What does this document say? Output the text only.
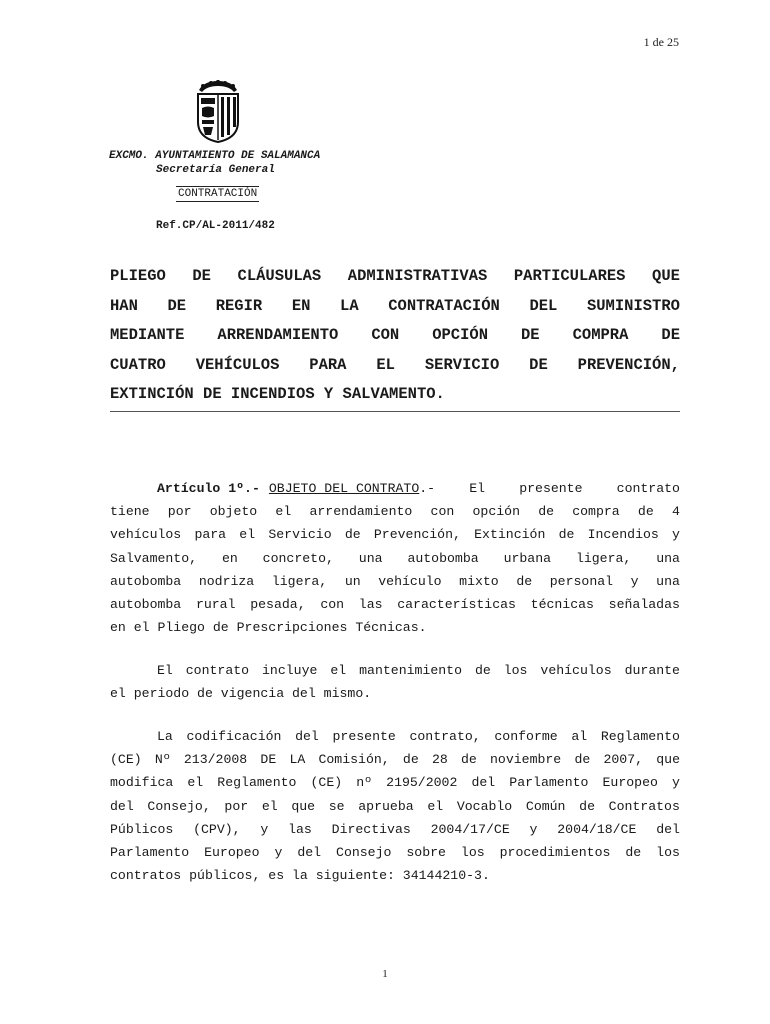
1 de 25
EXCMO. AYUNTAMIENTO DE SALAMANCA
Secretaría General
CONTRATACIÓN
Ref.CP/AL-2011/482
PLIEGO DE CLÁUSULAS ADMINISTRATIVAS PARTICULARES QUE
HAN DE REGIR EN LA CONTRATACIÓN DEL SUMINISTRO
MEDIANTE ARRENDAMIENTO CON OPCIÓN DE COMPRA DE
CUATRO VEHÍCULOS PARA EL SERVICIO DE PREVENCIÓN,
EXTINCIÓN DE INCENDIOS Y SALVAMENTO.
Artículo 1º.- OBJETO DEL CONTRATO.-	El	presente	contrato
tiene por objeto el arrendamiento con opción de compra de 4
vehículos para el Servicio de Prevención, Extinción de Incendios y
Salvamento, en concreto, una autobomba urbana ligera, una
autobomba nodriza ligera, un vehículo mixto de personal y una
autobomba rural pesada, con las características técnicas señaladas
en el Pliego de Prescripciones Técnicas.
El contrato incluye el mantenimiento de los vehículos durante
el periodo de vigencia del mismo.
La codificación del presente contrato, conforme al Reglamento
(CE) Nº 213/2008 DE LA Comisión, de 28 de noviembre de 2007, que
modifica el Reglamento (CE) nº 2195/2002 del Parlamento Europeo y
del Consejo, por el que se aprueba el Vocablo Común de Contratos
Públicos (CPV), y las Directivas 2004/17/CE y 2004/18/CE del
Parlamento Europeo y del Consejo sobre los procedimientos de los
contratos públicos, es la siguiente: 34144210-3.
1
